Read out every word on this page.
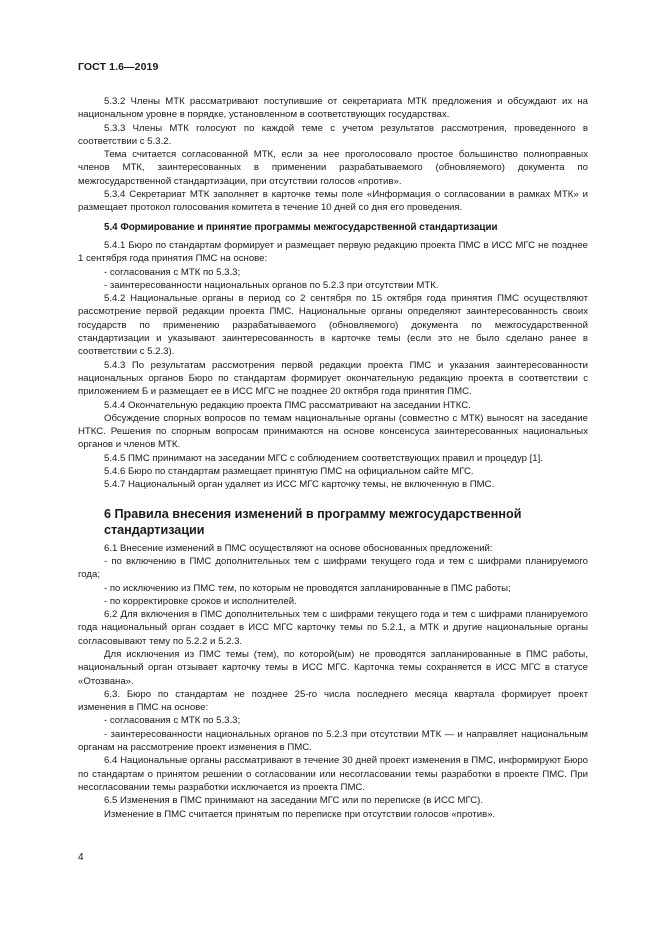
ГОСТ 1.6—2019

5.3.2 Члены МТК рассматривают поступившие от секретариата МТК предложения и обсуждают их на национальном уровне в порядке, установленном в соответствующих государствах.

5.3.3 Члены МТК голосуют по каждой теме с учетом результатов рассмотрения, проведенного в соответствии с 5.3.2.

Тема считается согласованной МТК, если за нее проголосовало простое большинство полноправных членов МТК, заинтересованных в применении разрабатываемого (обновляемого) документа по межгосударственной стандартизации, при отсутствии голосов «против».

5.3.4 Секретариат МТК заполняет в карточке темы поле «Информация о согласовании в рамках МТК» и размещает протокол голосования комитета в течение 10 дней со дня его проведения.

5.4 Формирование и принятие программы межгосударственной стандартизации

5.4.1 Бюро по стандартам формирует и размещает первую редакцию проекта ПМС в ИСС МГС не позднее 1 сентября года принятия ПМС на основе:

- согласования с МТК по 5.3.3;

- заинтересованности национальных органов по 5.2.3 при отсутствии МТК.

5.4.2 Национальные органы в период со 2 сентября по 15 октября года принятия ПМС осуществляют рассмотрение первой редакции проекта ПМС. Национальные органы определяют заинтересованность своих государств по применению разрабатываемого (обновляемого) документа по межгосударственной стандартизации и указывают заинтересованность в карточке темы (если это не было сделано ранее в соответствии с 5.2.3).

5.4.3 По результатам рассмотрения первой редакции проекта ПМС и указания заинтересованности национальных органов Бюро по стандартам формирует окончательную редакцию проекта в соответствии с приложением Б и размещает ее в ИСС МГС не позднее 20 октября года принятия ПМС.

5.4.4 Окончательную редакцию проекта ПМС рассматривают на заседании НТКС.

Обсуждение спорных вопросов по темам национальные органы (совместно с МТК) выносят на заседание НТКС. Решения по спорным вопросам принимаются на основе консенсуса заинтересованных национальных органов и членов МТК.

5.4.5 ПМС принимают на заседании МГС с соблюдением соответствующих правил и процедур [1].

5.4.6 Бюро по стандартам размещает принятую ПМС на официальном сайте МГС.

5.4.7 Национальный орган удаляет из ИСС МГС карточку темы, не включенную в ПМС.

6 Правила внесения изменений в программу межгосударственной стандартизации

6.1 Внесение изменений в ПМС осуществляют на основе обоснованных предложений:

- по включению в ПМС дополнительных тем с шифрами текущего года и тем с шифрами планируемого года;

- по исключению из ПМС тем, по которым не проводятся запланированные в ПМС работы;

- по корректировке сроков и исполнителей.

6.2 Для включения в ПМС дополнительных тем с шифрами текущего года и тем с шифрами планируемого года национальный орган создает в ИСС МГС карточку темы по 5.2.1, а МТК и другие национальные органы согласовывают тему по 5.2.2 и 5.2.3.

Для исключения из ПМС темы (тем), по которой(ым) не проводятся запланированные в ПМС работы, национальный орган отзывает карточку темы в ИСС МГС. Карточка темы сохраняется в ИСС МГС в статусе «Отозвана».

6.3. Бюро по стандартам не позднее 25-го числа последнего месяца квартала формирует проект изменения в ПМС на основе:

- согласования с МТК по 5.3.3;

- заинтересованности национальных органов по 5.2.3 при отсутствии МТК — и направляет национальным органам на рассмотрение проект изменения в ПМС.

6.4 Национальные органы рассматривают в течение 30 дней проект изменения в ПМС, информируют Бюро по стандартам о принятом решении о согласовании или несогласовании темы разработки в проекте ПМС. При несогласовании темы разработки исключается из проекта ПМС.

6.5 Изменения в ПМС принимают на заседании МГС или по переписке (в ИСС МГС).

Изменение в ПМС считается принятым по переписке при отсутствии голосов «против».

4
